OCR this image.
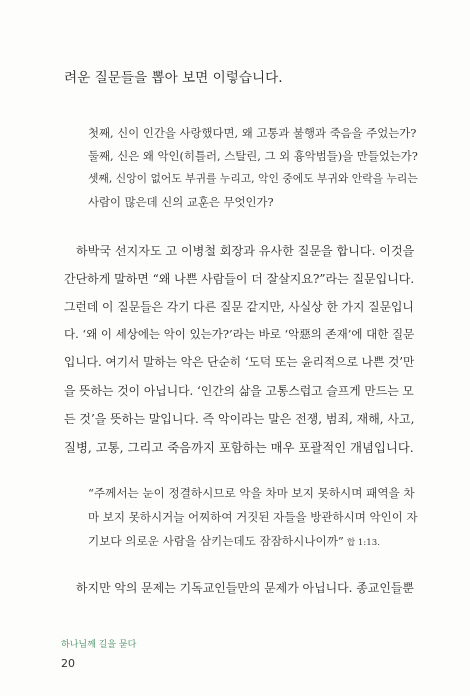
려운 질문들을 뽑아 보면 이렇습니다.
첫째, 신이 인간을 사랑했다면, 왜 고통과 불행과 죽음을 주었는가?
둘째, 신은 왜 악인(히틀러, 스탈린, 그 외 흉악범들)을 만들었는가?
셋째, 신앙이 없어도 부귀를 누리고, 악인 중에도 부귀와 안락을 누리는
사람이 많은데 신의 교훈은 무엇인가?
하박국 선지자도 고 이병철 회장과 유사한 질문을 합니다. 이것을
간단하게 말하면 “왜 나쁜 사람들이 더 잘살지요?”라는 질문입니다.
그런데 이 질문들은 각기 다른 질문 같지만, 사실상 한 가지 질문입니
다. ‘왜 이 세상에는 악이 있는가?’라는 바로 ‘악惡의 존재’에 대한 질문
입니다. 여기서 말하는 악은 단순히 ‘도덕 또는 윤리적으로 나쁜 것’만
을 뜻하는 것이 아닙니다. ‘인간의 삶을 고통스럽고 슬프게 만드는 모
든 것’을 뜻하는 말입니다. 즉 악이라는 말은 전쟁, 범죄, 재해, 사고,
질병, 고통, 그리고 죽음까지 포함하는 매우 포괄적인 개념입니다.
“주께서는 눈이 정결하시므로 악을 차마 보지 못하시며 패역을 차
마 보지 못하시거늘 어찌하여 거짓된 자들을 방관하시며 악인이 자
기보다 의로운 사람을 삼키는데도 잠잠하시나이까” 합 1:13.
하지만 악의 문제는 기독교인들만의 문제가 아닙니다. 종교인들뿐
하나님께 길을 묻다
20
